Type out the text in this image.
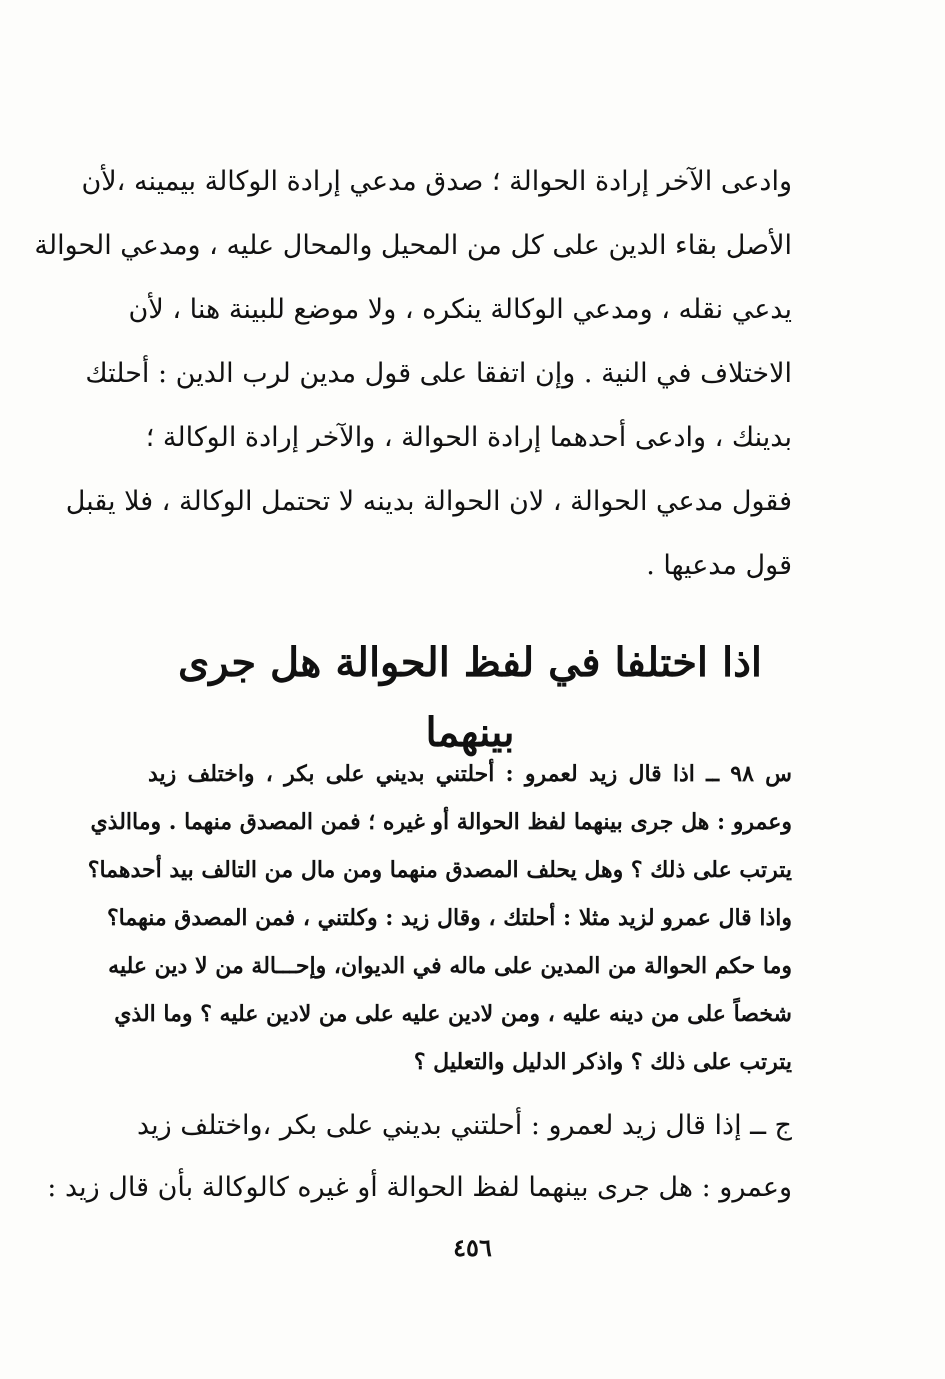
وادعى الآخر إرادة الحوالة ؛ صدق مدعي إرادة الوكالة بيمينه ،لأن
الأصل بقاء الدين على كل من المحيل والمحال عليه ، ومدعي الحوالة
يدعي نقله ، ومدعي الوكالة ينكره ، ولا موضع للبينة هنا ، لأن
الاختلاف في النية . وإن اتفقا على قول مدين لرب الدين : أحلتك
بدينك ، وادعى أحدهما إرادة الحوالة ، والآخر إرادة الوكالة ؛
فقول مدعي الحوالة ، لان الحوالة بدينه لا تحتمل الوكالة ، فلا يقبل
قول مدعيها .
اذا اختلفا في لفظ الحوالة هل جرى بينهما
س ٩٨ ــ اذا قال زيد لعمرو : أحلتني بديني على بكر ، واختلف زيد
وعمرو : هل جرى بينهما لفظ الحوالة أو غيره ؛ فمن المصدق منهما . وماالذي
يترتب على ذلك ؟ وهل يحلف المصدق منهما ومن مال من التالف بيد أحدهما؟
واذا قال عمرو لزيد مثلا : أحلتك ، وقال زيد : وكلتني ، فمن المصدق منهما؟
وما حكم الحوالة من المدين على ماله في الديوان، وإحـــالة من لا دين عليه
شخصاً على من دينه عليه ، ومن لادين عليه على من لادين عليه ؟ وما الذي
يترتب على ذلك ؟ واذكر الدليل والتعليل ؟
ج ــ إذا قال زيد لعمرو : أحلتني بديني على بكر ،واختلف زيد
وعمرو : هل جرى بينهما لفظ الحوالة أو غيره كالوكالة بأن قال زيد :
٤٥٦
